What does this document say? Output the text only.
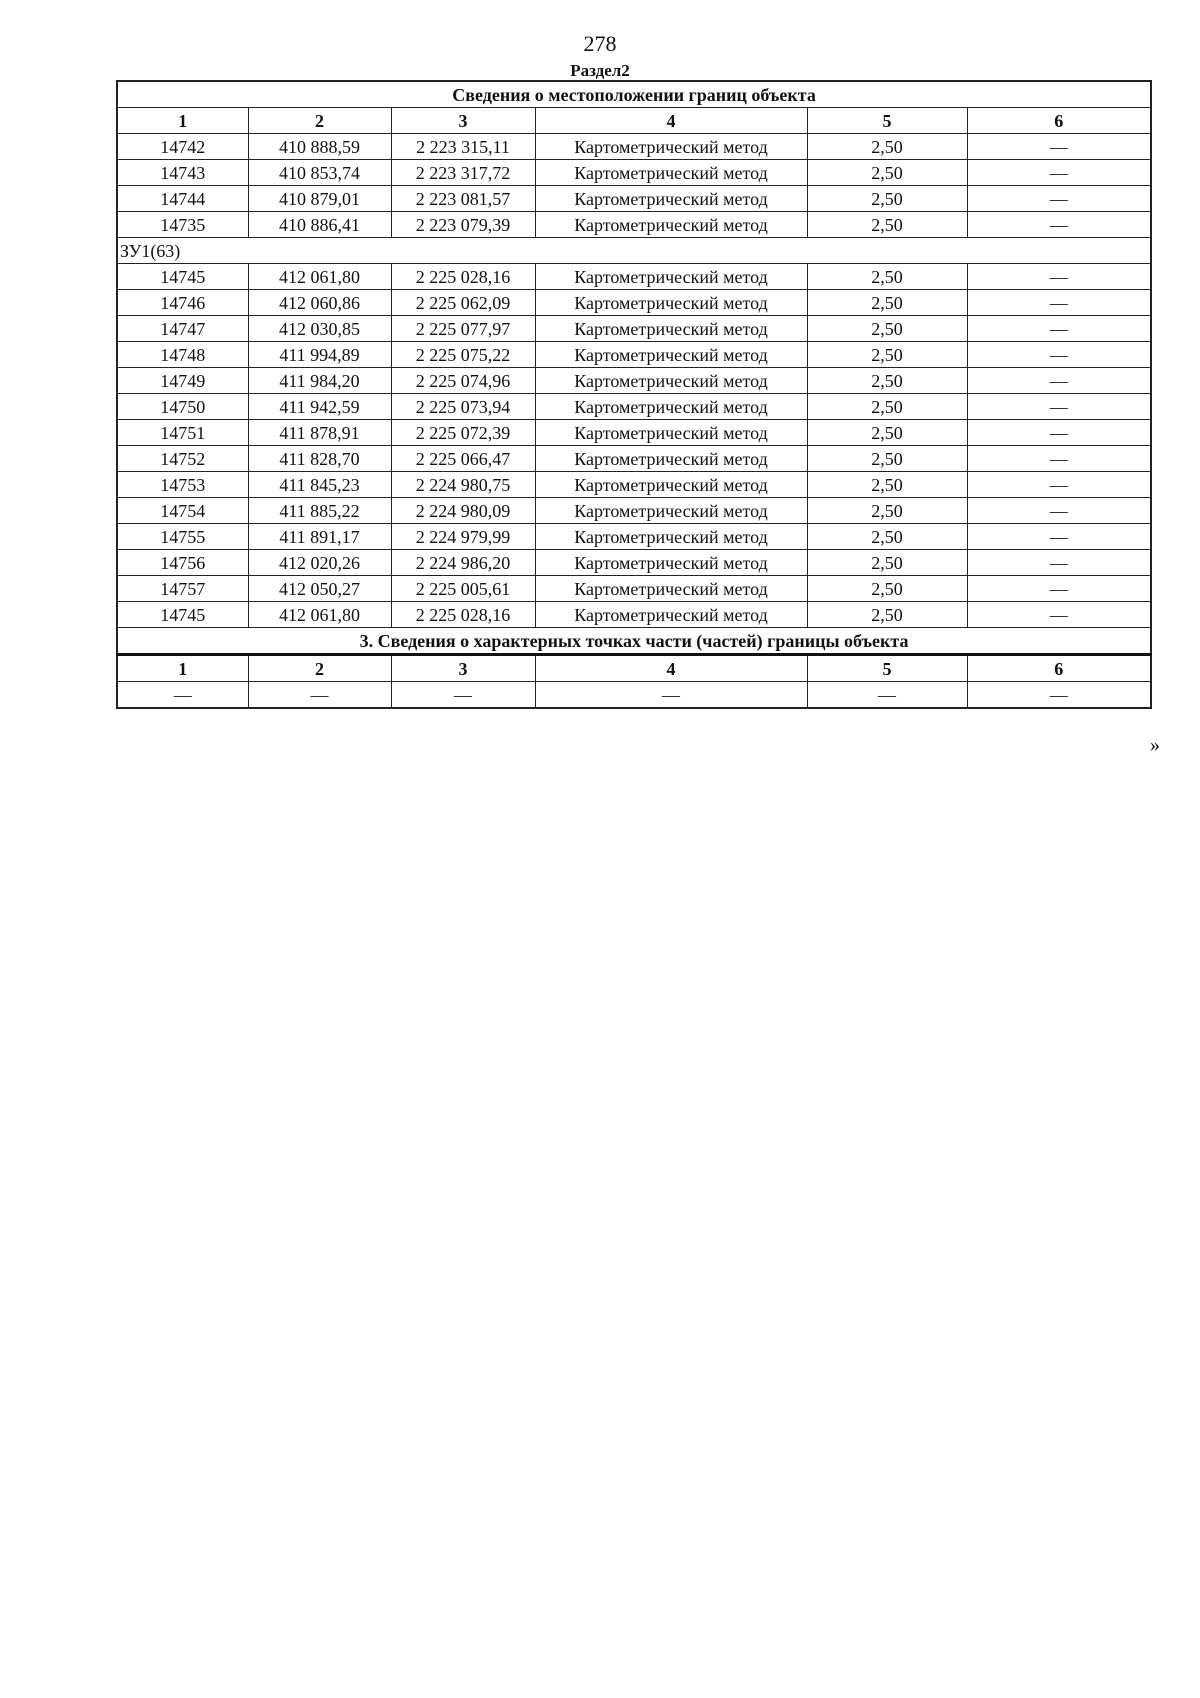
278
Раздел2
Сведения о местоположении границ объекта					
1	2	3	4	5	6
14742	410 888,59	2 223 315,11	Картометрический метод	2,50	—
14743	410 853,74	2 223 317,72	Картометрический метод	2,50	—
14744	410 879,01	2 223 081,57	Картометрический метод	2,50	—
14735	410 886,41	2 223 079,39	Картометрический метод	2,50	—
ЗУ1(63)					
14745	412 061,80	2 225 028,16	Картометрический метод	2,50	—
14746	412 060,86	2 225 062,09	Картометрический метод	2,50	—
14747	412 030,85	2 225 077,97	Картометрический метод	2,50	—
14748	411 994,89	2 225 075,22	Картометрический метод	2,50	—
14749	411 984,20	2 225 074,96	Картометрический метод	2,50	—
14750	411 942,59	2 225 073,94	Картометрический метод	2,50	—
14751	411 878,91	2 225 072,39	Картометрический метод	2,50	—
14752	411 828,70	2 225 066,47	Картометрический метод	2,50	—
14753	411 845,23	2 224 980,75	Картометрический метод	2,50	—
14754	411 885,22	2 224 980,09	Картометрический метод	2,50	—
14755	411 891,17	2 224 979,99	Картометрический метод	2,50	—
14756	412 020,26	2 224 986,20	Картометрический метод	2,50	—
14757	412 050,27	2 225 005,61	Картометрический метод	2,50	—
14745	412 061,80	2 225 028,16	Картометрический метод	2,50	—
3. Сведения о характерных точках части (частей) границы объекта					
1	2	3	4	5	6
—	—	—	—	—	—
»
